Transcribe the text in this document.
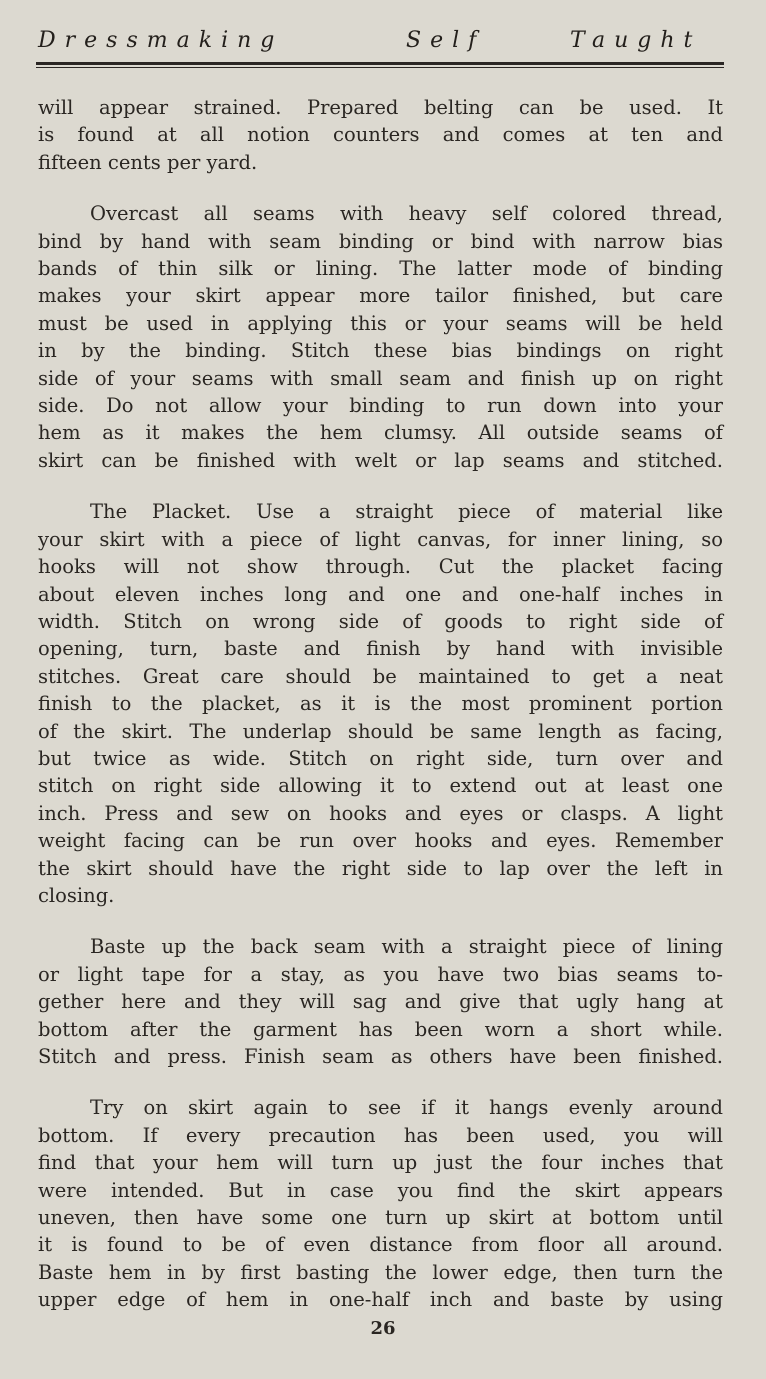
Dressmaking	Self	Taught

will appear strained. Prepared belting can be used. It
is found at all notion counters and comes at ten and
fifteen cents per yard.

Overcast all seams with heavy self colored thread,
bind by hand with seam binding or bind with narrow bias
bands of thin silk or lining. The latter mode of binding
makes your skirt appear more tailor finished, but care
must be used in applying this or your seams will be held
in by the binding. Stitch these bias bindings on right
side of your seams with small seam and finish up on right
side. Do not allow your binding to run down into your
hem as it makes the hem clumsy. All outside seams of
skirt can be finished with welt or lap seams and stitched.

The Placket. Use a straight piece of material like
your skirt with a piece of light canvas, for inner lining, so
hooks will not show through. Cut the placket facing
about eleven inches long and one and one-half inches in
width. Stitch on wrong side of goods to right side of
opening, turn, baste and finish by hand with invisible
stitches. Great care should be maintained to get a neat
finish to the placket, as it is the most prominent portion
of the skirt. The underlap should be same length as facing,
but twice as wide. Stitch on right side, turn over and
stitch on right side allowing it to extend out at least one
inch. Press and sew on hooks and eyes or clasps. A light
weight facing can be run over hooks and eyes. Remember
the skirt should have the right side to lap over the left in
closing.

Baste up the back seam with a straight piece of lining
or light tape for a stay, as you have two bias seams to-
gether here and they will sag and give that ugly hang at
bottom after the garment has been worn a short while.
Stitch and press. Finish seam as others have been finished.

Try on skirt again to see if it hangs evenly around
bottom. If every precaution has been used, you will
find that your hem will turn up just the four inches that
were intended. But in case you find the skirt appears
uneven, then have some one turn up skirt at bottom until
it is found to be of even distance from floor all around.
Baste hem in by first basting the lower edge, then turn the
upper edge of hem in one-half inch and baste by using

26
